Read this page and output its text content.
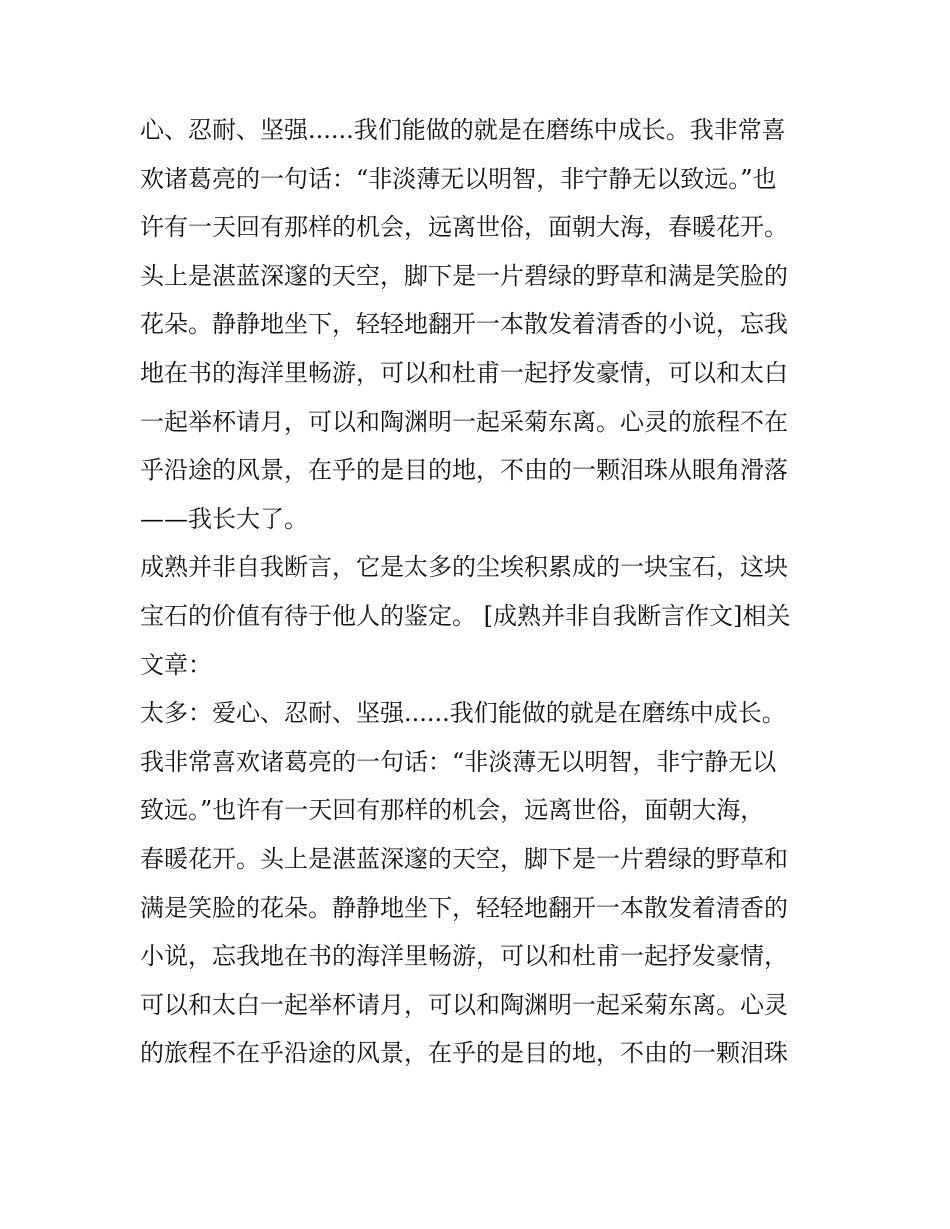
心、忍耐、坚强......我们能做的就是在磨练中成长。我非常喜
欢诸葛亮的一句话：“非淡薄无以明智，非宁静无以致远。”也
许有一天回有那样的机会，远离世俗，面朝大海，春暖花开。
头上是湛蓝深邃的天空，脚下是一片碧绿的野草和满是笑脸的
花朵。静静地坐下，轻轻地翻开一本散发着清香的小说，忘我
地在书的海洋里畅游，可以和杜甫一起抒发豪情，可以和太白
一起举杯请月，可以和陶渊明一起采菊东离。心灵的旅程不在
乎沿途的风景，在乎的是目的地，不由的一颗泪珠从眼角滑落
——我长大了。
成熟并非自我断言，它是太多的尘埃积累成的一块宝石，这块
宝石的价值有待于他人的鉴定。 [成熟并非自我断言作文]相关
文章：
太多：爱心、忍耐、坚强......我们能做的就是在磨练中成长。
我非常喜欢诸葛亮的一句话：“非淡薄无以明智，非宁静无以
致远。”也许有一天回有那样的机会，远离世俗，面朝大海，
春暖花开。头上是湛蓝深邃的天空，脚下是一片碧绿的野草和
满是笑脸的花朵。静静地坐下，轻轻地翻开一本散发着清香的
小说，忘我地在书的海洋里畅游，可以和杜甫一起抒发豪情，
可以和太白一起举杯请月，可以和陶渊明一起采菊东离。心灵
的旅程不在乎沿途的风景，在乎的是目的地，不由的一颗泪珠
